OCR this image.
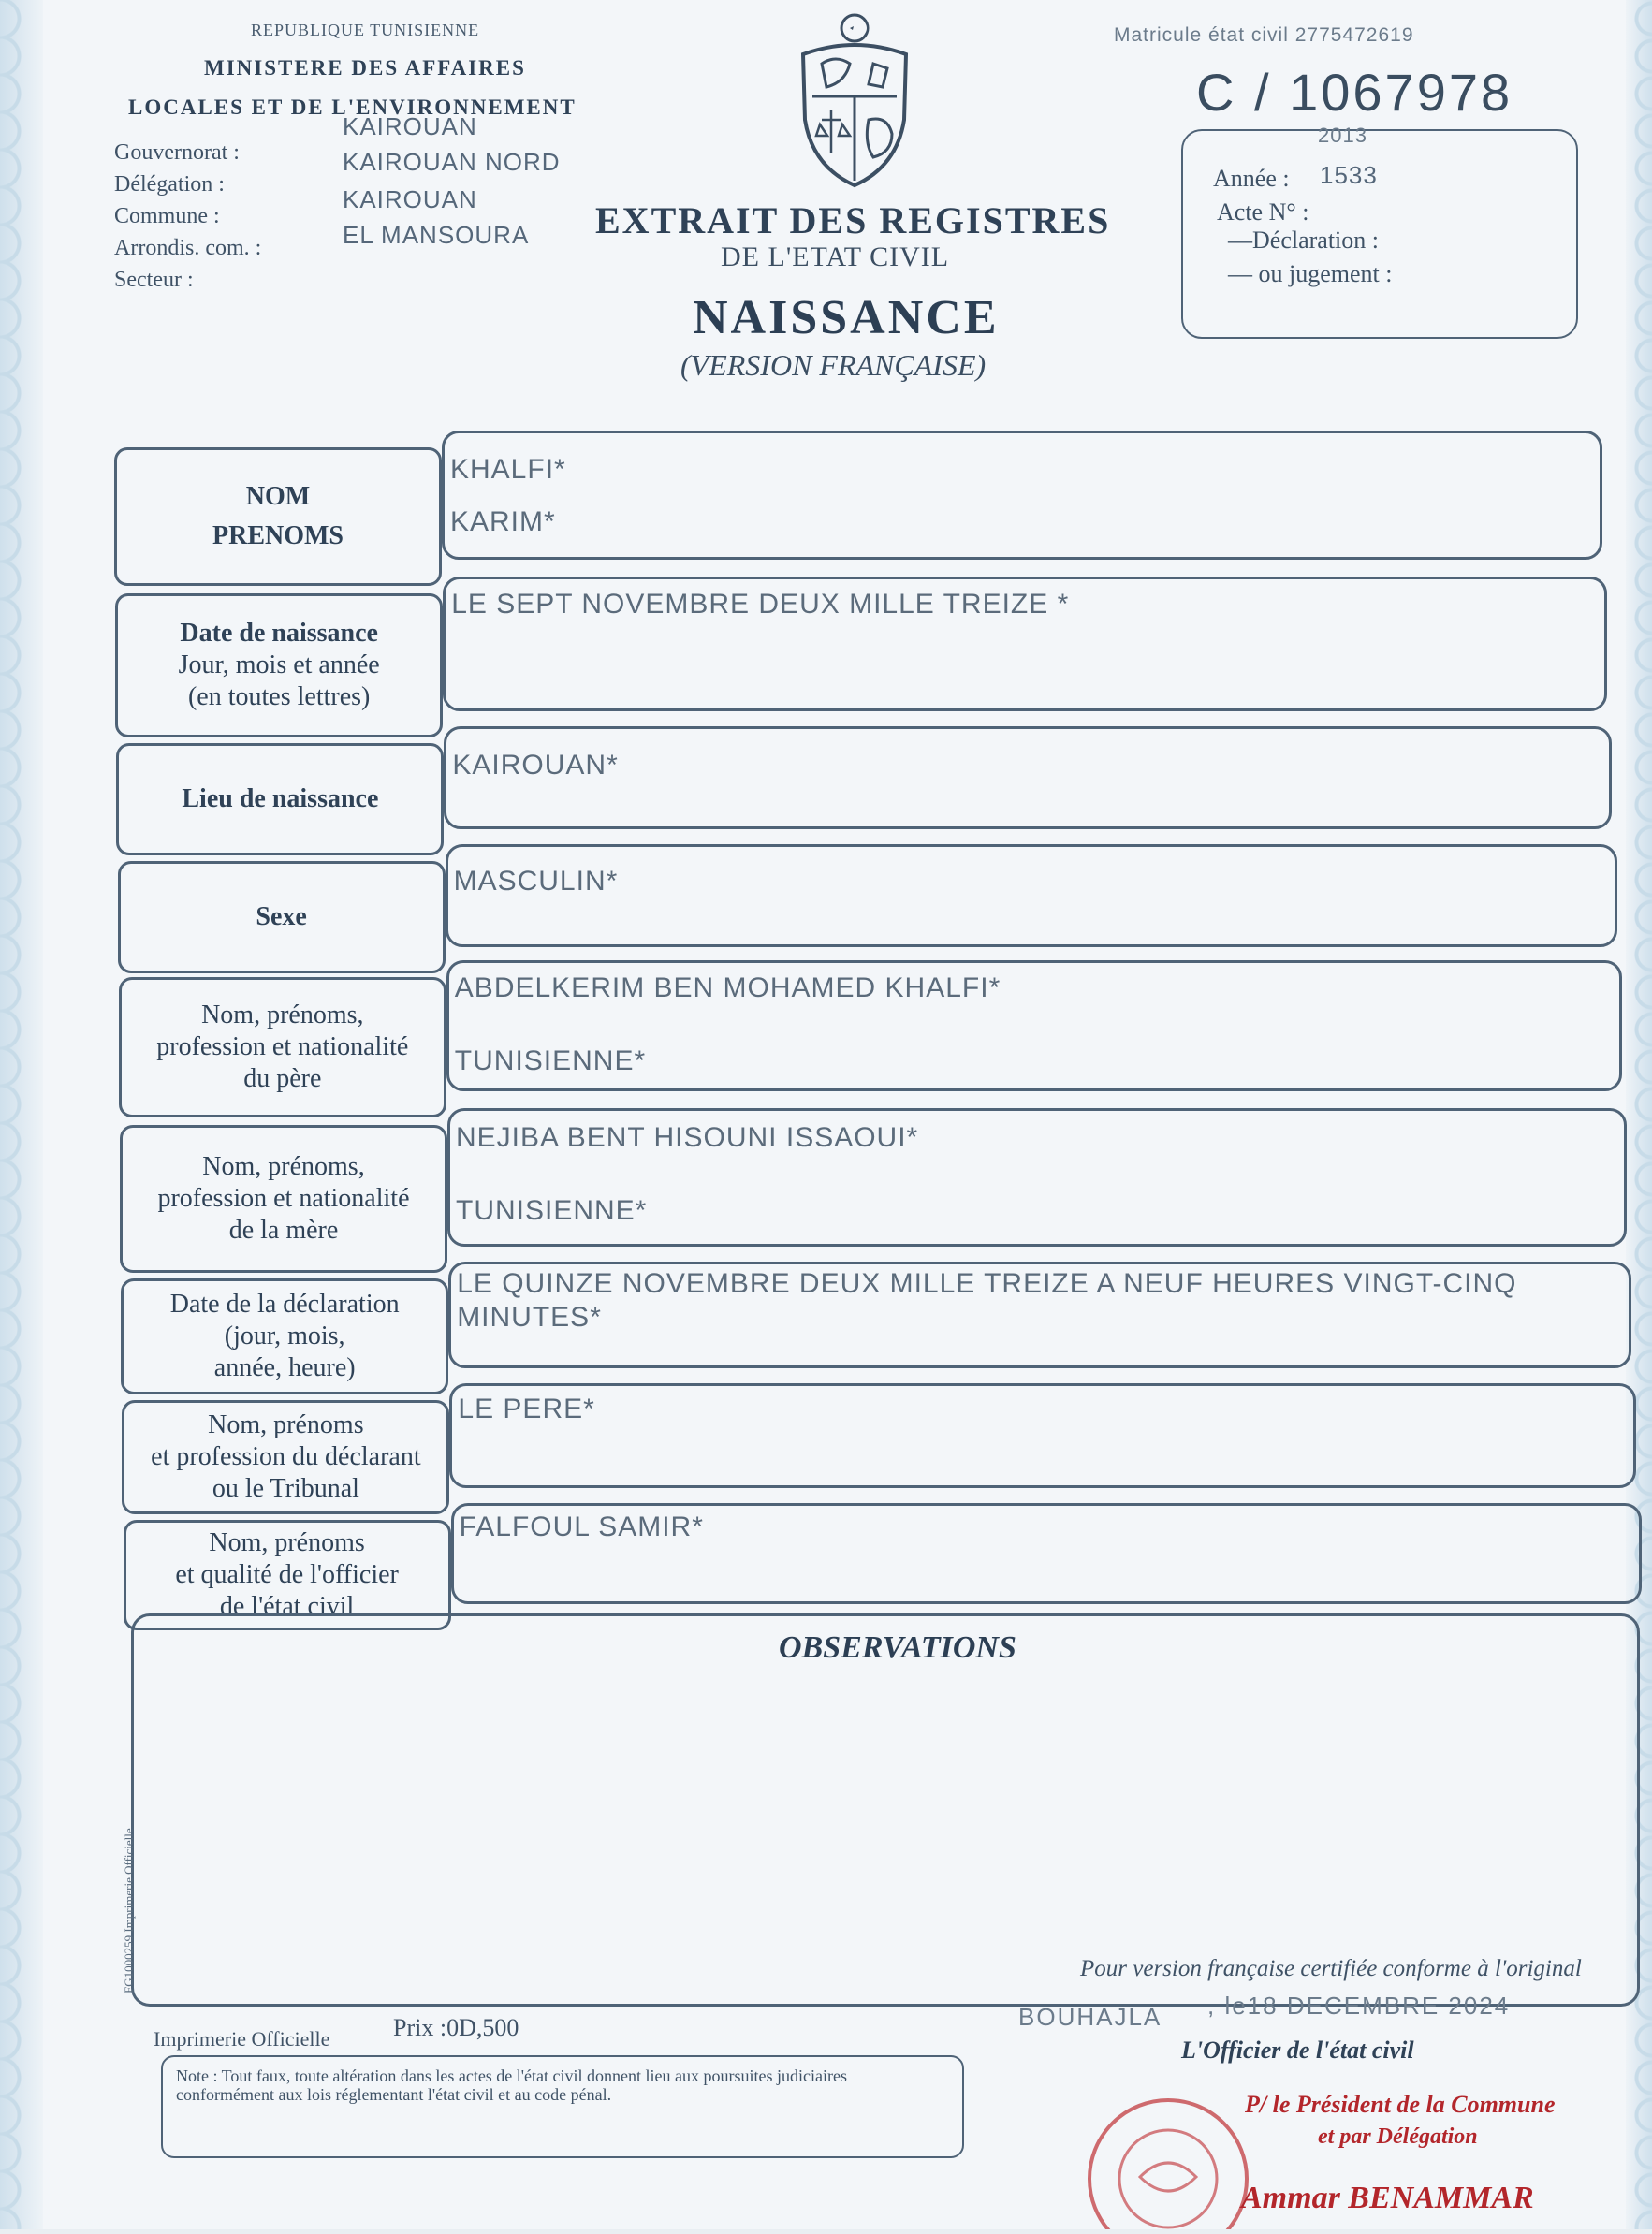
REPUBLIQUE TUNISIENNE
MINISTERE DES AFFAIRES
LOCALES ET DE L'ENVIRONNEMENT
Gouvernorat :
KAIROUAN
Délégation :
KAIROUAN NORD
Commune :
KAIROUAN
Arrondis. com. :	EL MANSOURA
Secteur :
EXTRAIT DES REGISTRES
DE L'ETAT CIVIL
NAISSANCE
(VERSION FRANÇAISE)
Matricule état civil 2775472619
C / 1067978
2013
Année : 1533
Acte N° :
—Déclaration :
— ou jugement :
NOM
PRENOMS
KHALFI*
KARIM*
Date de naissance
Jour, mois et année
(en toutes lettres)
LE SEPT NOVEMBRE DEUX MILLE TREIZE *
Lieu de naissance
KAIROUAN*
Sexe
MASCULIN*
Nom, prénoms,
profession et nationalité
du père
ABDELKERIM BEN MOHAMED KHALFI*
TUNISIENNE*
Nom, prénoms,
profession et nationalité
de la mère
NEJIBA BENT HISOUNI ISSAOUI*
TUNISIENNE*
Date de la déclaration
(jour, mois,
année, heure)
LE QUINZE NOVEMBRE DEUX MILLE TREIZE A NEUF HEURES VINGT-CINQ
MINUTES*
Nom, prénoms
et profession du déclarant
ou le Tribunal
LE PERE*
Nom, prénoms
et qualité de l'officier
de l'état civil
FALFOUL SAMIR*
OBSERVATIONS
FG1000259 Imprimerie Officielle
Imprimerie Officielle	Prix :0D,500
Note : Tout faux, toute altération dans les actes de l'état civil donnent lieu aux poursuites judiciaires conformément aux lois réglementant l'état civil et au code pénal.
Pour version française certifiée conforme à l'original
BOUHAJLA , le18 DECEMBRE 2024
L'Officier de l'état civil
P/ le Président de la Commune
et par Délégation
Ammar BENAMMAR
